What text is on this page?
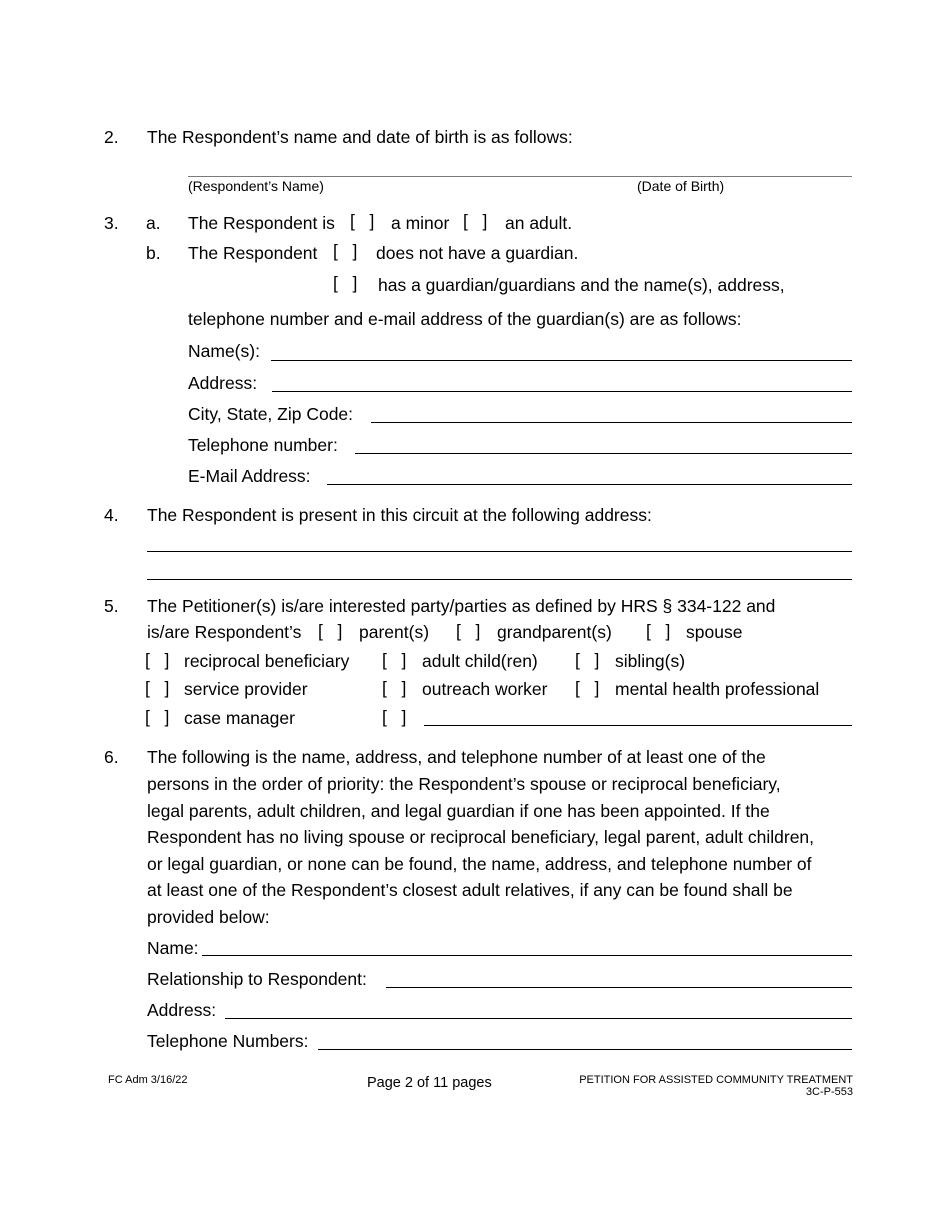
2. The Respondent’s name and date of birth is as follows:
(Respondent’s Name)	(Date of Birth)
3. a. The Respondent is [   ] a minor [   ] an adult.
b. The Respondent [   ] does not have a guardian.
[   ] has a guardian/guardians and the name(s), address,
telephone number and e-mail address of the guardian(s) are as follows:
Name(s):
Address:
City, State, Zip Code:
Telephone number:
E-Mail Address:
4. The Respondent is present in this circuit at the following address:
5. The Petitioner(s) is/are interested party/parties as defined by HRS § 334-122 and
is/are Respondent’s [   ] parent(s) [   ] grandparent(s) [   ] spouse
[   ] reciprocal beneficiary [   ] adult child(ren) [   ] sibling(s)
[   ] service provider	[   ] outreach worker [   ] mental health professional
[   ] case manager	[   ]
6. The following is the name, address, and telephone number of at least one of the
persons in the order of priority: the Respondent’s spouse or reciprocal beneficiary,
legal parents, adult children, and legal guardian if one has been appointed. If the
Respondent has no living spouse or reciprocal beneficiary, legal parent, adult children,
or legal guardian, or none can be found, the name, address, and telephone number of
at least one of the Respondent’s closest adult relatives, if any can be found shall be
provided below:
Name:
Relationship to Respondent:
Address:
Telephone Numbers:
FC Adm 3/16/22	Page 2 of 11 pages	PETITION FOR ASSISTED COMMUNITY TREATMENT
3C-P-553
